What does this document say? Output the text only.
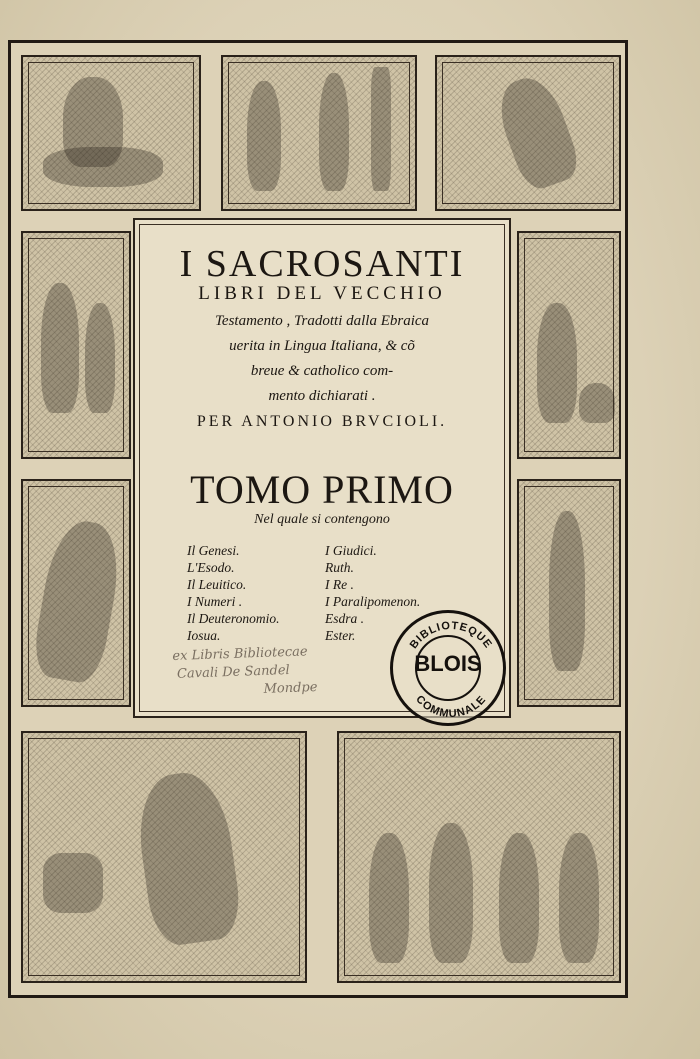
I SACROSANTI
LIBRI DEL VECCHIO
Testamento , Tradotti dalla Ebraica
uerita in Lingua Italiana, & cõ
breue & catholico com-
mento dichiarati .
PER ANTONIO BRVCIOLI.
TOMO PRIMO
Nel quale si contengono
Il Genesi.
L'Esodo.
Il Leuitico.
I Numeri .
Il Deuteronomio.
Iosua.
I Giudici.
Ruth.
I Re .
I Paralipomenon.
Esdra .
Ester.
ex Libris Bibliotecae
Cavali De Sandel
Mondpe
BIBLIOTEQUE
COMMUNALE
BLOIS
